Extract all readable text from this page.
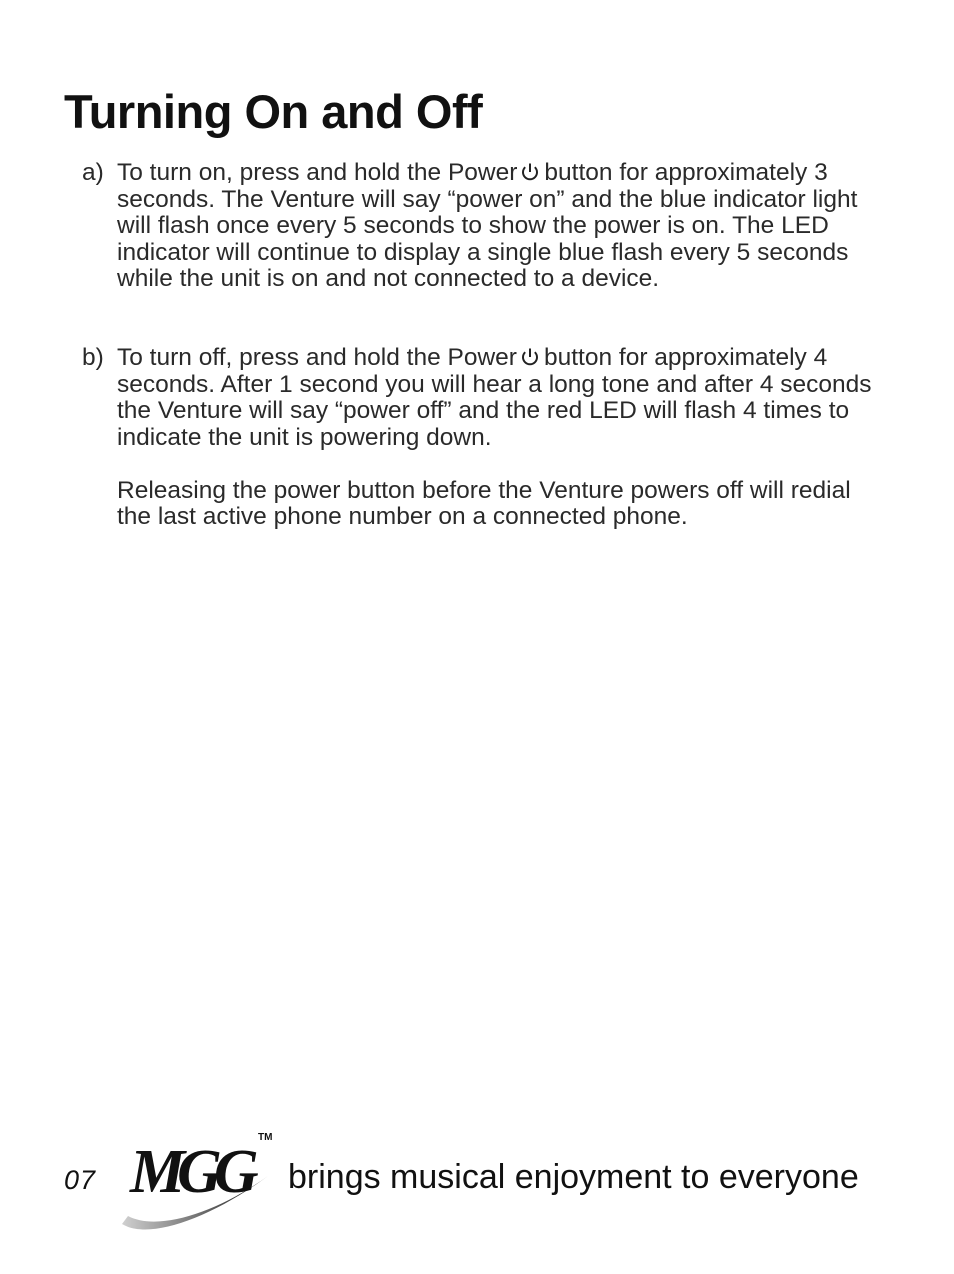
Turning On and Off
a) To turn on, press and hold the Power button for approximately 3 seconds. The Venture will say “power on” and the blue indicator light will flash once every 5 seconds to show the power is on. The LED indicator will continue to display a single blue flash every 5 seconds while the unit is on and not connected to a device.

b) To turn off, press and hold the Power button for approximately 4 seconds. After 1 second you will hear a long tone and after 4 seconds the Venture will say “power off” and the red LED will flash 4 times to indicate the unit is powering down.

Releasing the power button before the Venture powers off will redial the last active phone number on a connected phone.

07 MGG
TM
brings musical enjoyment to everyone
